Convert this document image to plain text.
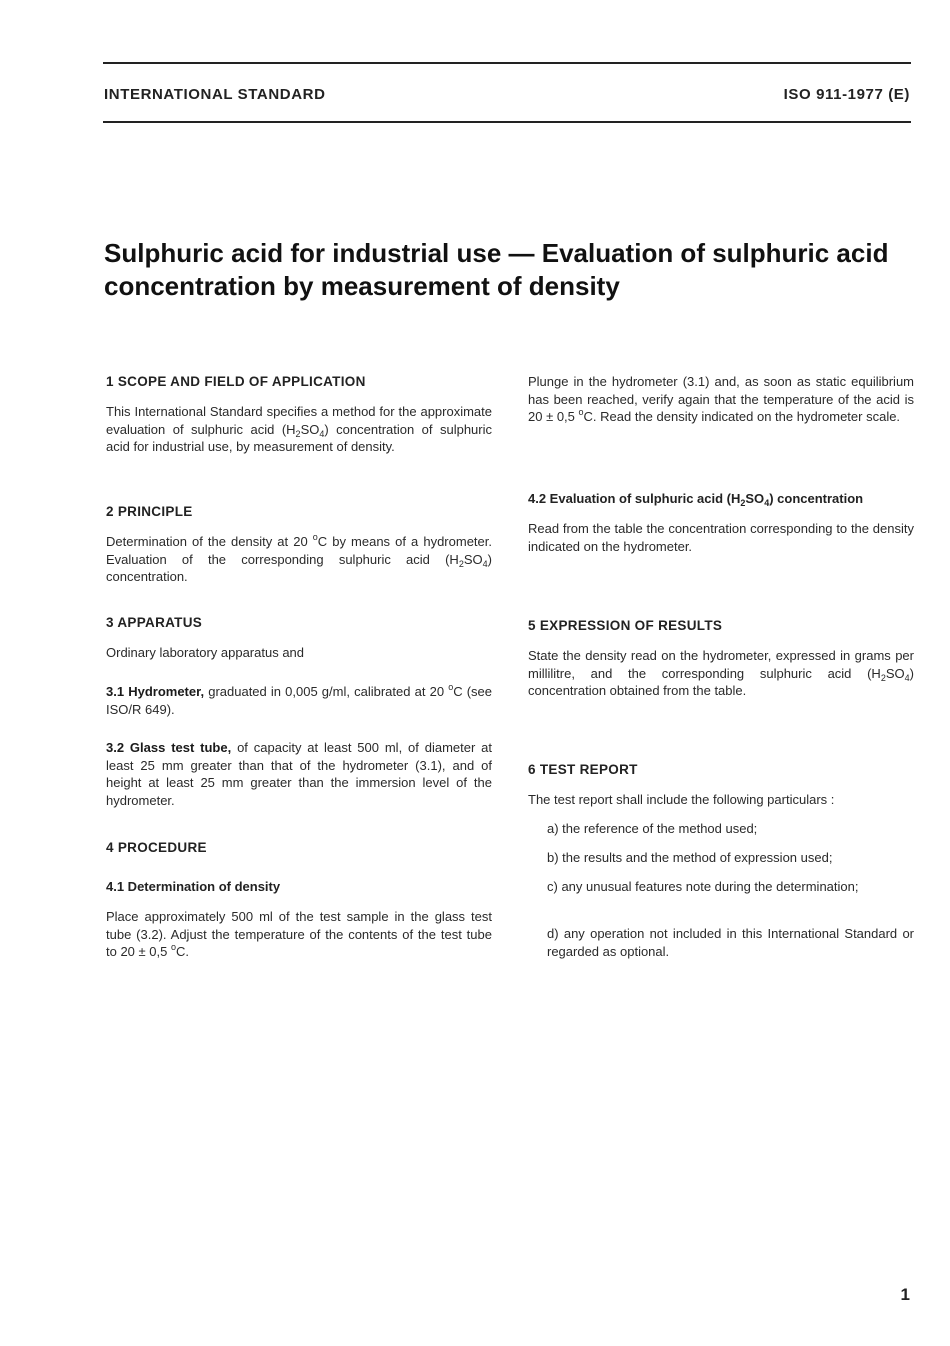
INTERNATIONAL STANDARD	ISO 911-1977 (E)
Sulphuric acid for industrial use — Evaluation of sulphuric acid concentration by measurement of density
1 SCOPE AND FIELD OF APPLICATION

This International Standard specifies a method for the approximate evaluation of sulphuric acid $(H_2SO_4)$ concentration of sulphuric acid for industrial use, by measurement of density.

2 PRINCIPLE

Determination of the density at 20 $^o$C by means of a hydrometer. Evaluation of the corresponding sulphuric acid $(H_2SO_4)$ concentration.

3 APPARATUS

Ordinary laboratory apparatus and

3.1 Hydrometer, graduated in 0,005 g/ml, calibrated at 20 $^o$C (see ISO/R 649).

3.2 Glass test tube, of capacity at least 500 ml, of diameter at least 25 mm greater than that of the hydrometer (3.1), and of height at least 25 mm greater than the immersion level of the hydrometer.

4 PROCEDURE
4.1 Determination of density

Place approximately 500 ml of the test sample in the glass test tube (3.2). Adjust the temperature of the contents of the test tube to 20 ± 0,5 $^o$C.

Plunge in the hydrometer (3.1) and, as soon as static equilibrium has been reached, verify again that the temperature of the acid is 20 ± 0,5 $^o$C. Read the density indicated on the hydrometer scale.

4.2 Evaluation of sulphuric acid $(H_2SO_4)$ concentration

Read from the table the concentration corresponding to the density indicated on the hydrometer.

5 EXPRESSION OF RESULTS

State the density read on the hydrometer, expressed in grams per millilitre, and the corresponding sulphuric acid $(H_2SO_4)$ concentration obtained from the table.

6 TEST REPORT

The test report shall include the following particulars :

a) the reference of the method used;

b) the results and the method of expression used;

c) any unusual features note during the determination;

d) any operation not included in this International Standard or regarded as optional.

1
